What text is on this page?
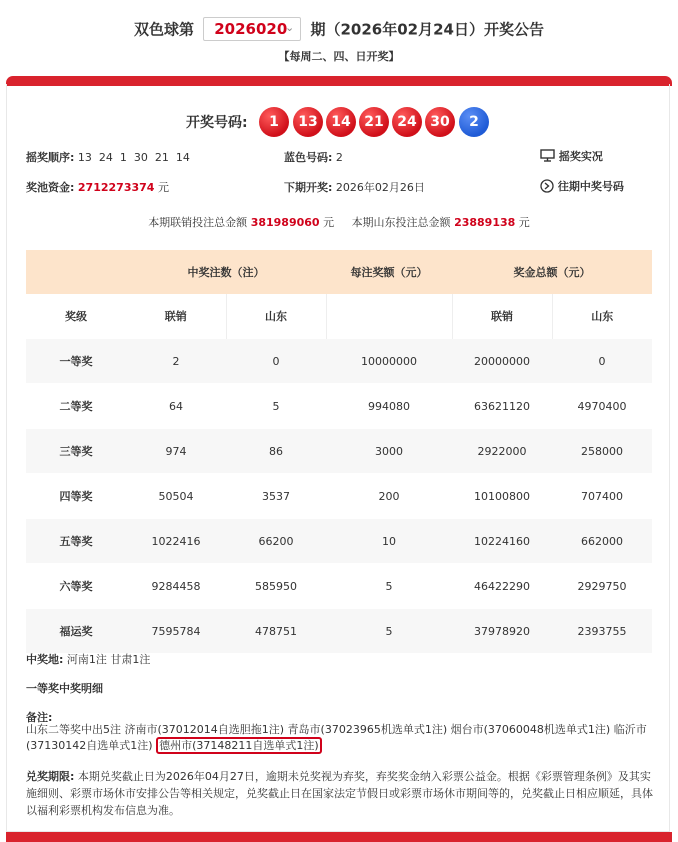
双色球第 2026020
⌄ 期（2026年02月24日）开奖公告
【每周二、四、日开奖】
开奖号码:	1	13 14 21 24 30	2
摇奖顺序: 13  24  1  30  21  14	蓝色号码: 2	摇奖实况
奖池资金: 2712273374 元	下期开奖: 2026年02月26日	往期中奖号码
本期联销投注总金额 381989060 元 本期山东投注总金额 23889138 元
	中奖注数（注）		每注奖额（元）	奖金总额（元）	
奖级	联销	山东		联销	山东
一等奖	2	0	10000000	20000000	0
二等奖	64	5	994080	63621120	4970400
三等奖	974	86	3000	2922000	258000
四等奖	50504	3537	200	10100800	707400
五等奖	1022416	66200	10	10224160	662000
六等奖	9284458	585950	5	46422290	2929750
福运奖	7595784	478751	5	37978920	2393755
中奖地: 河南1注 甘肃1注
一等奖中奖明细
备注:
山东二等奖中出5注 济南市(37012014自选胆拖1注) 青岛市(37023965机选单式1注) 烟台市(37060048机选单式1注) 临沂市(37130142自选单式1注) 德州市(37148211自选单式1注)
兑奖期限: 本期兑奖截止日为2026年04月27日，逾期未兑奖视为弃奖，弃奖奖金纳入彩票公益金。根据《彩票管理条例》及其实施细则、彩票市场休市安排公告等相关规定，兑奖截止日在国家法定节假日或彩票市场休市期间等的，兑奖截止日相应顺延，具体以福利彩票机构发布信息为准。
